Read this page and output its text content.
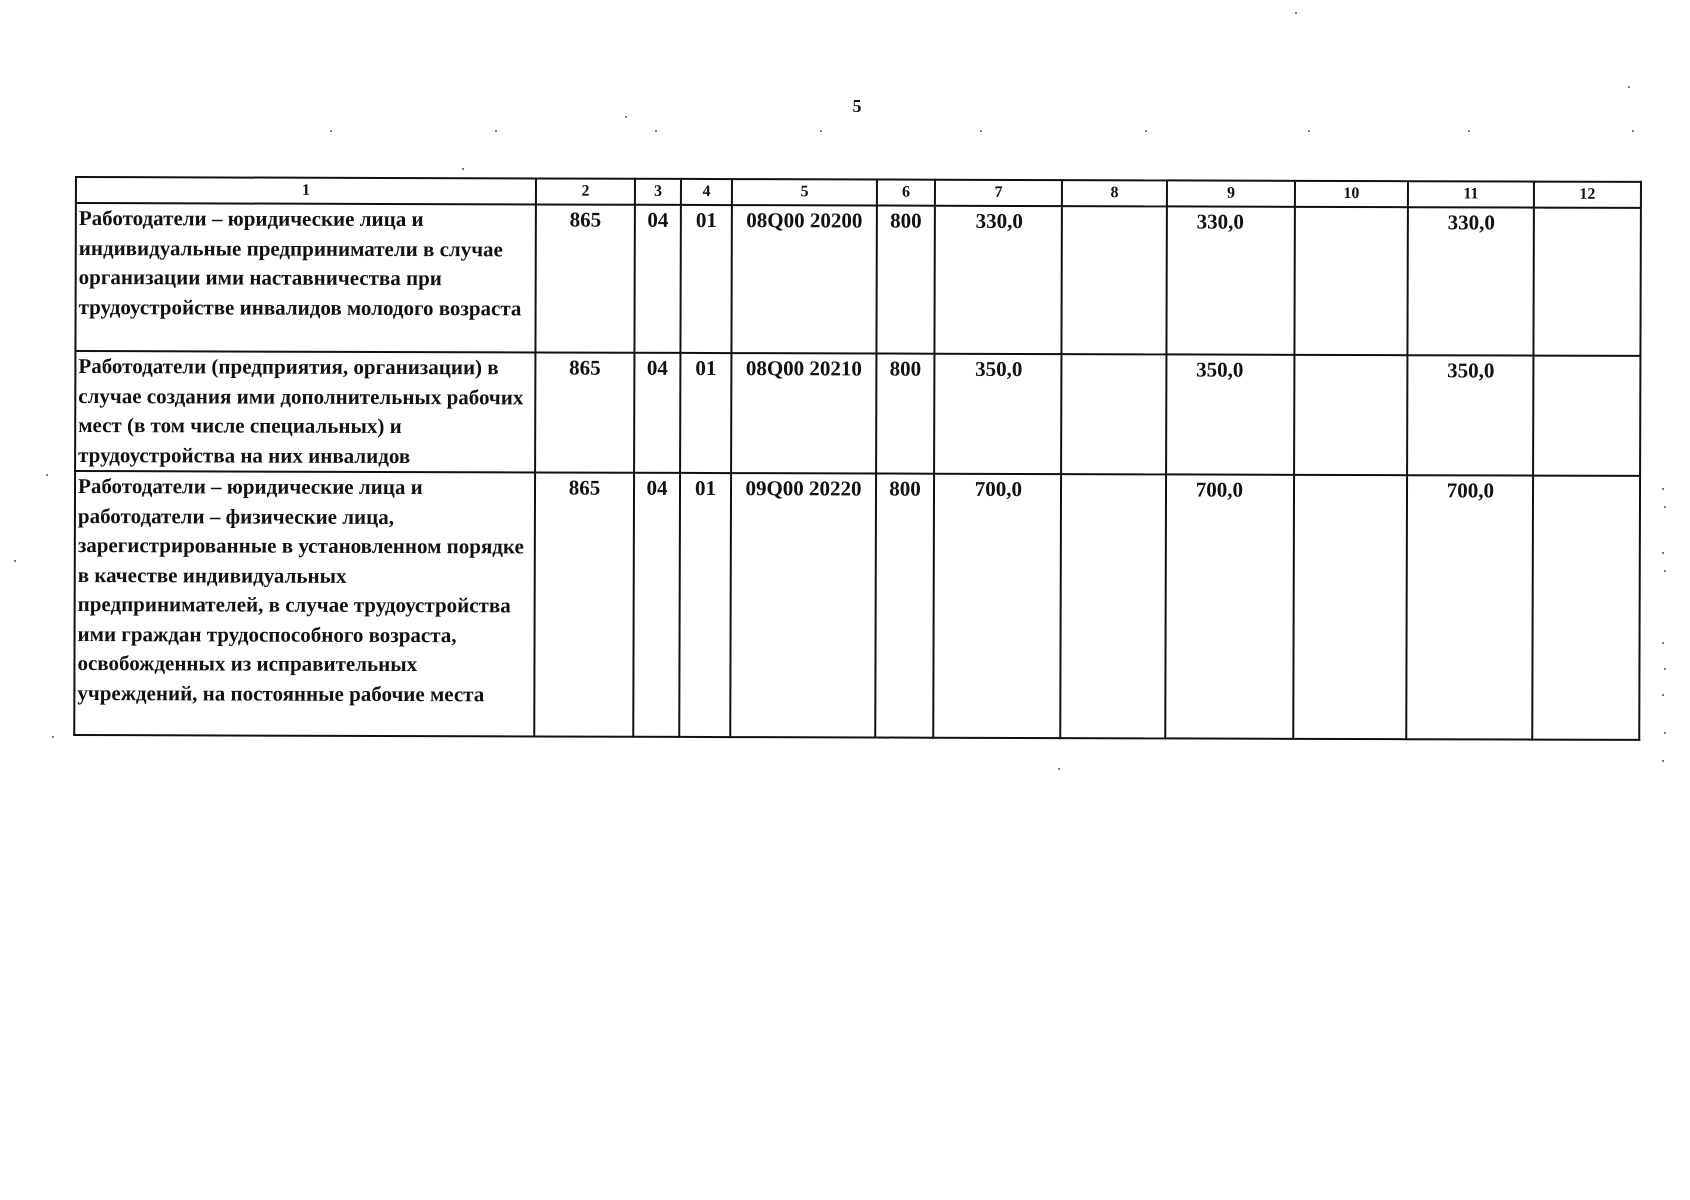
5
1	2	3	4	5	6	7	8	9	10	11	12
Работодатели – юридические лица и индивидуальные предприниматели в случае организации ими наставничества при трудоустройстве инвалидов молодого возраста	865	04	01	08Q00 20200	800	330,0		330,0		330,0	
Работодатели (предприятия, организации) в случае создания ими дополнительных рабочих мест (в том числе специальных) и трудоустройства на них инвалидов	865	04	01	08Q00 20210	800	350,0		350,0		350,0	
Работодатели – юридические лица и работодатели – физические лица, зарегистрированные в установленном порядке в качестве индивидуальных предпринимателей, в случае трудоустройства ими граждан трудоспособного возраста, освобожденных из исправительных учреждений, на постоянные рабочие места	865	04	01	09Q00 20220	800	700,0		700,0		700,0	
